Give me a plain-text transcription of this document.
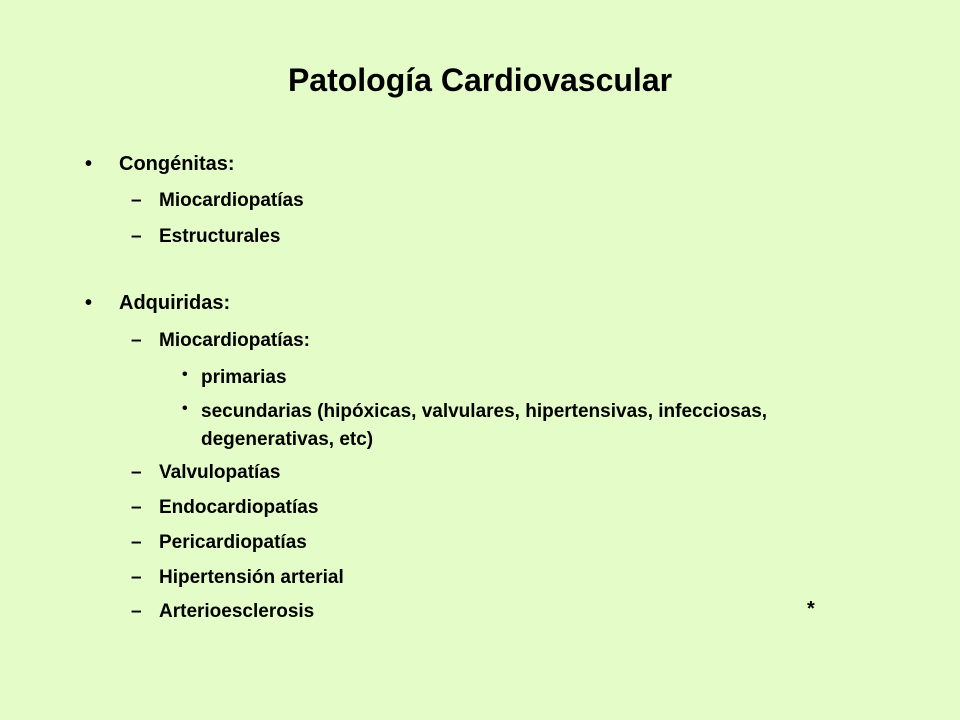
Patología Cardiovascular
• Congénitas:
– Miocardiopatías
– Estructurales
• Adquiridas:
– Miocardiopatías:
• primarias
• secundarias (hipóxicas, valvulares, hipertensivas, infecciosas, degenerativas, etc)
– Valvulopatías
– Endocardiopatías
– Pericardiopatías
– Hipertensión arterial
– Arterioesclerosis	*
